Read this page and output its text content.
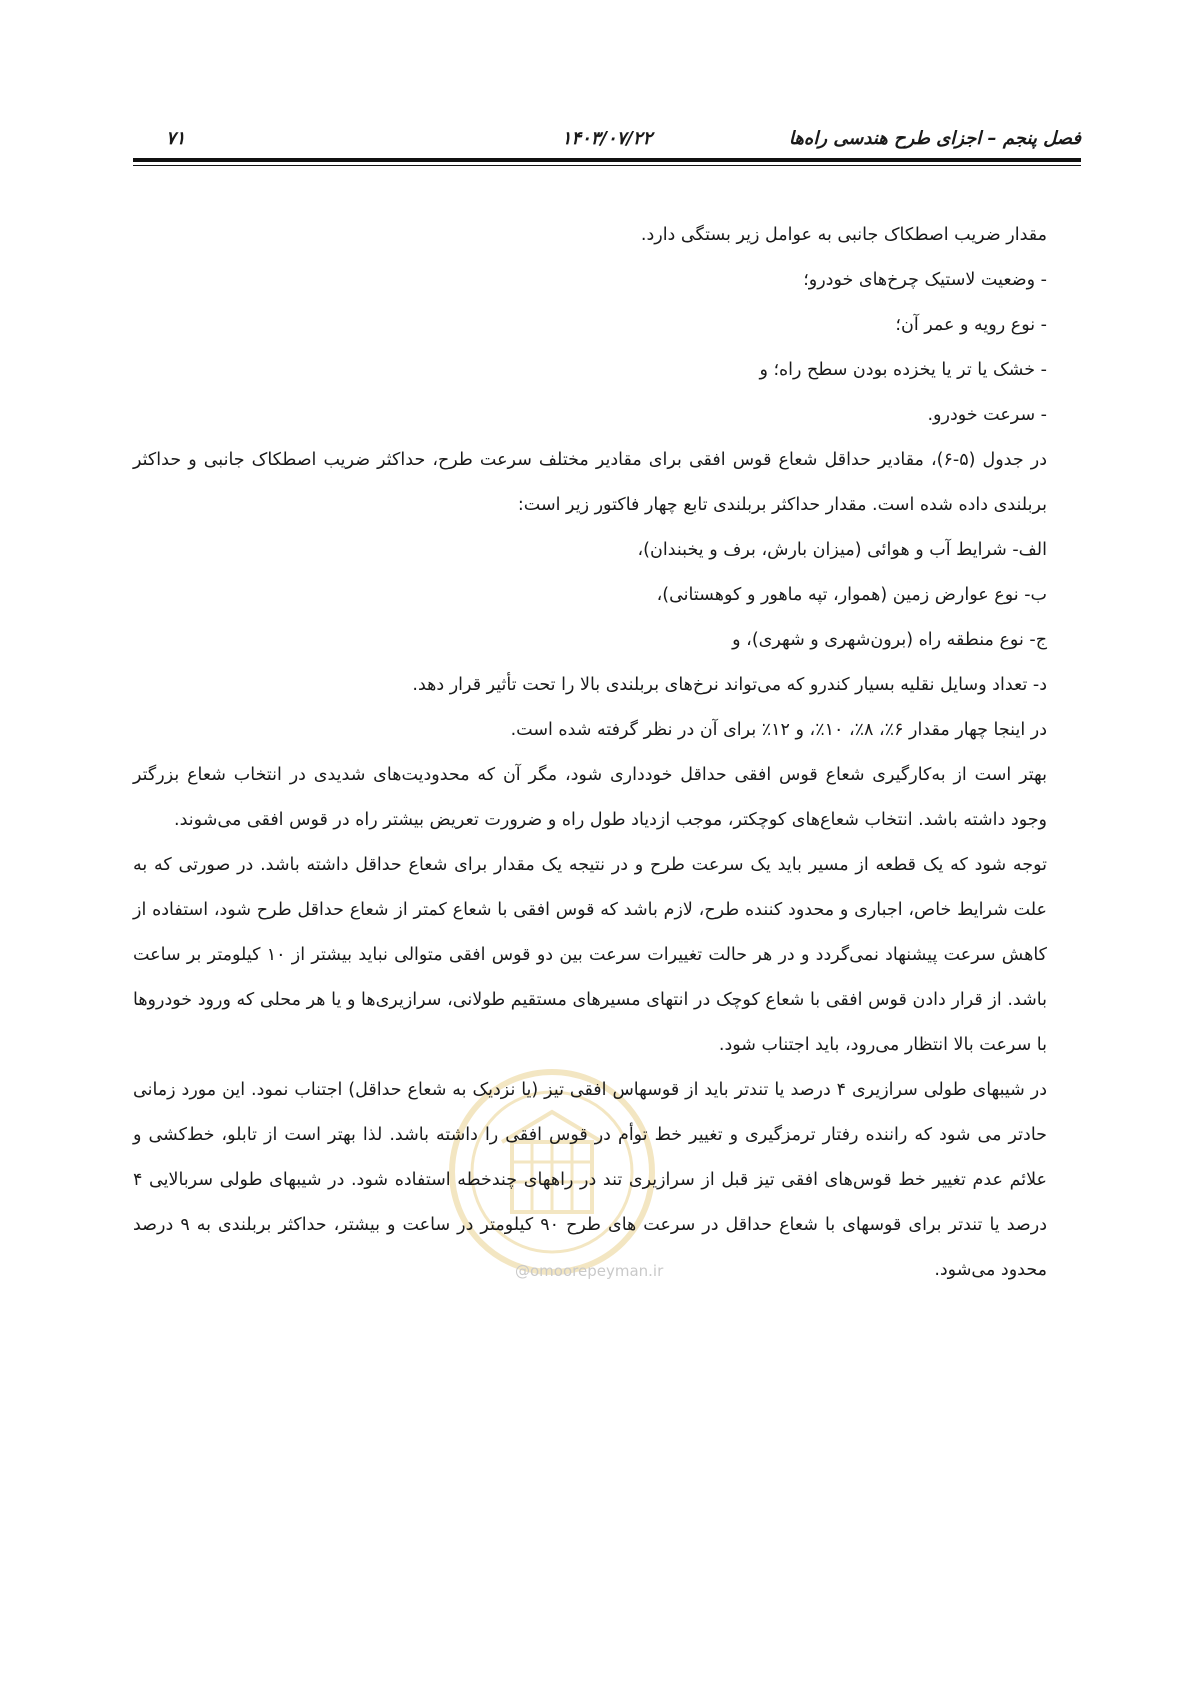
فصل پنجم – اجزای طرح هندسی راه‌ها
۱۴۰۳/۰۷/۲۲
۷۱
@omoorepeyman.ir

مقدار ضریب اصطکاک جانبی به عوامل زیر بستگی دارد.

- وضعیت لاستیک چرخ‌های خودرو؛

- نوع رویه و عمر آن؛

- خشک یا تر یا یخزده بودن سطح راه؛ و

- سرعت خودرو.

در جدول (۵-۶)، مقادیر حداقل شعاع قوس افقی برای مقادیر مختلف سرعت طرح، حداکثر ضریب اصطکاک جانبی و حداکثر بربلندی داده شده است. مقدار حداکثر بربلندی تابع چهار فاکتور زیر است:

الف- شرایط آب و هوائی (میزان بارش، برف و یخبندان)،

ب- نوع عوارض زمین (هموار، تپه ماهور و کوهستانی)،

ج- نوع منطقه راه (برون‌شهری و شهری)، و

د- تعداد وسایل نقلیه بسیار کندرو که می‌تواند نرخ‌های بربلندی بالا را تحت تأثیر قرار دهد.

در اینجا چهار مقدار ۶٪، ۸٪، ۱۰٪، و ۱۲٪ برای آن در نظر گرفته شده است.

بهتر است از به‌کارگیری شعاع قوس افقی حداقل خودداری شود، مگر آن که محدودیت‌های شدیدی در انتخاب شعاع بزرگتر وجود داشته باشد. انتخاب شعاع‌های کوچکتر، موجب ازدیاد طول راه و ضرورت تعریض بیشتر راه در قوس افقی می‌شوند.

توجه شود که یک قطعه از مسیر باید یک سرعت طرح و در نتیجه یک مقدار برای شعاع حداقل داشته باشد. در صورتی که به علت شرایط خاص، اجباری و محدود کننده طرح، لازم باشد که قوس افقی با شعاع کمتر از شعاع حداقل طرح شود، استفاده از کاهش سرعت پیشنهاد نمی‌گردد و در هر حالت تغییرات سرعت بین دو قوس افقی متوالی نباید بیشتر از ۱۰ کیلومتر بر ساعت باشد. از قرار دادن قوس افقی با شعاع کوچک در انتهای مسیرهای مستقیم طولانی، سرازیری‌ها و یا هر محلی که ورود خودروها با سرعت بالا انتظار می‌رود، باید اجتناب شود.

در شیبهای طولی سرازیری ۴ درصد یا تندتر باید از قوسهاس افقی تیز (یا نزدیک به شعاع حداقل) اجتناب نمود. این مورد زمانی حادتر می شود که راننده رفتار ترمزگیری و تغییر خط توأم در قوس افقی را داشته باشد. لذا بهتر است از تابلو، خط‌کشی و علائم عدم تغییر خط قوس‌های افقی تیز قبل از سرازیری تند در راههای چندخطه استفاده شود. در شیبهای طولی سربالایی ۴ درصد یا تندتر برای قوسهای با شعاع حداقل در سرعت های طرح ۹۰ کیلومتر در ساعت و بیشتر، حداکثر بربلندی به ۹ درصد محدود می‌شود.
